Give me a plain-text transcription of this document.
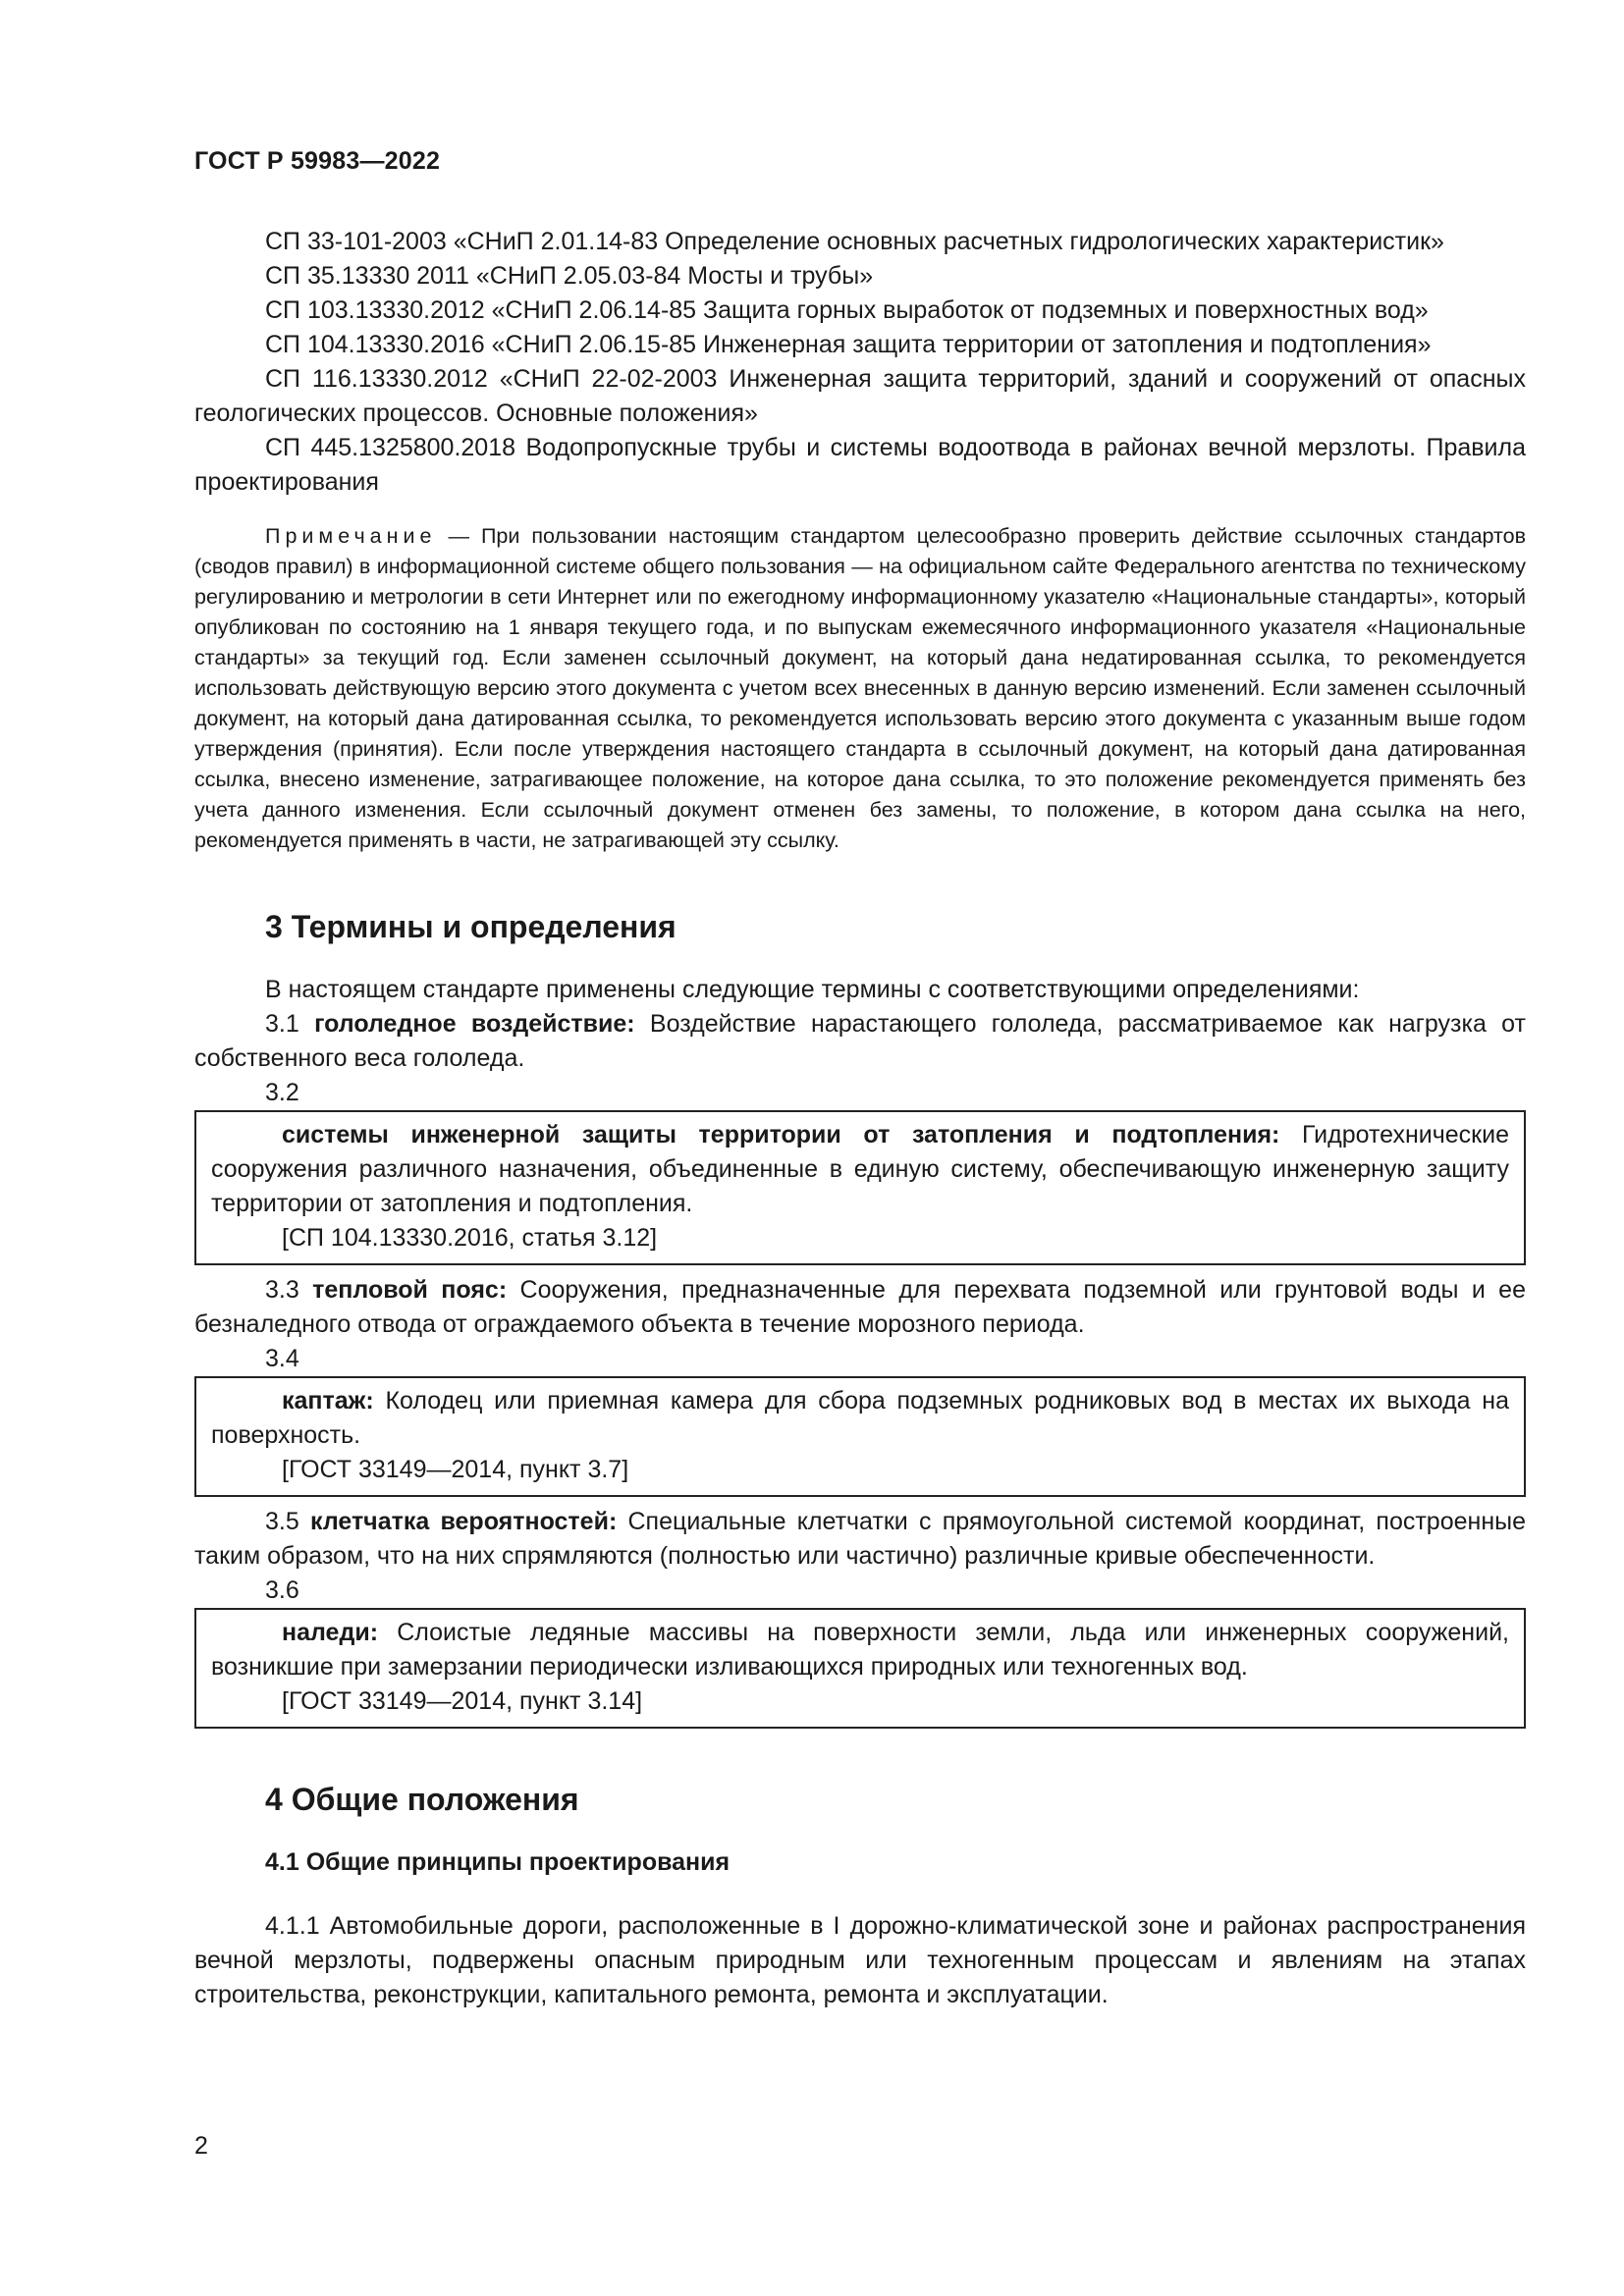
ГОСТ Р 59983—2022

СП 33-101-2003 «СНиП 2.01.14-83 Определение основных расчетных гидрологических характеристик»

СП 35.13330 2011 «СНиП 2.05.03-84 Мосты и трубы»

СП 103.13330.2012 «СНиП 2.06.14-85 Защита горных выработок от подземных и поверхностных вод»

СП 104.13330.2016 «СНиП 2.06.15-85 Инженерная защита территории от затопления и подтопления»

СП 116.13330.2012 «СНиП 22-02-2003 Инженерная защита территорий, зданий и сооружений от опасных геологических процессов. Основные положения»

СП 445.1325800.2018 Водопропускные трубы и системы водоотвода в районах вечной мерзлоты. Правила проектирования

Примечание — При пользовании настоящим стандартом целесообразно проверить действие ссылочных стандартов (сводов правил) в информационной системе общего пользования — на официальном сайте Федерального агентства по техническому регулированию и метрологии в сети Интернет или по ежегодному информационному указателю «Национальные стандарты», который опубликован по состоянию на 1 января текущего года, и по выпускам ежемесячного информационного указателя «Национальные стандарты» за текущий год. Если заменен ссылочный документ, на который дана недатированная ссылка, то рекомендуется использовать действующую версию этого документа с учетом всех внесенных в данную версию изменений. Если заменен ссылочный документ, на который дана датированная ссылка, то рекомендуется использовать версию этого документа с указанным выше годом утверждения (принятия). Если после утверждения настоящего стандарта в ссылочный документ, на который дана датированная ссылка, внесено изменение, затрагивающее положение, на которое дана ссылка, то это положение рекомендуется применять без учета данного изменения. Если ссылочный документ отменен без замены, то положение, в котором дана ссылка на него, рекомендуется применять в части, не затрагивающей эту ссылку.

3 Термины и определения

В настоящем стандарте применены следующие термины с соответствующими определениями:

3.1 гололедное воздействие: Воздействие нарастающего гололеда, рассматриваемое как нагрузка от собственного веса гололеда.

3.2

системы инженерной защиты территории от затопления и подтопления: Гидротехнические сооружения различного назначения, объединенные в единую систему, обеспечивающую инженерную защиту территории от затопления и подтопления.

[СП 104.13330.2016, статья 3.12]

3.3 тепловой пояс: Сооружения, предназначенные для перехвата подземной или грунтовой воды и ее безналедного отвода от ограждаемого объекта в течение морозного периода.

3.4

каптаж: Колодец или приемная камера для сбора подземных родниковых вод в местах их выхода на поверхность.

[ГОСТ 33149—2014, пункт 3.7]

3.5 клетчатка вероятностей: Специальные клетчатки с прямоугольной системой координат, построенные таким образом, что на них спрямляются (полностью или частично) различные кривые обеспеченности.

3.6

наледи: Слоистые ледяные массивы на поверхности земли, льда или инженерных сооружений, возникшие при замерзании периодически изливающихся природных или техногенных вод.

[ГОСТ 33149—2014, пункт 3.14]

4 Общие положения
4.1 Общие принципы проектирования

4.1.1 Автомобильные дороги, расположенные в I дорожно-климатической зоне и районах распространения вечной мерзлоты, подвержены опасным природным или техногенным процессам и явлениям на этапах строительства, реконструкции, капитального ремонта, ремонта и эксплуатации.

2
